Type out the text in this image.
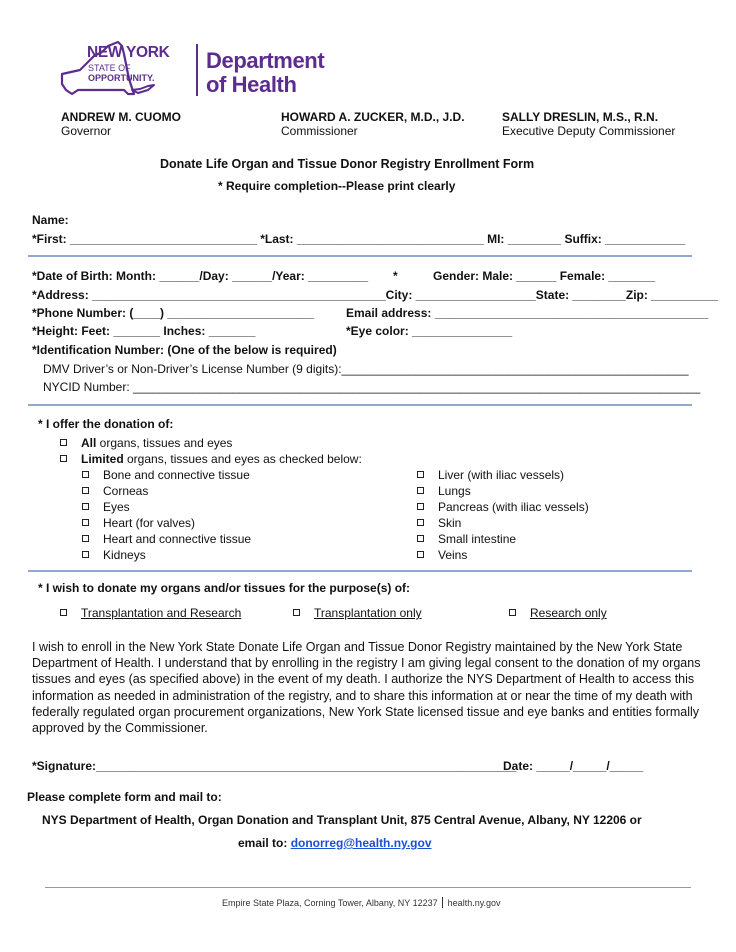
NEW YORK
STATE OF
OPPORTUNITY.
Department
of Health
ANDREW M. CUOMO
Governor
HOWARD A. ZUCKER, M.D., J.D.
Commissioner
SALLY DRESLIN, M.S., R.N.
Executive Deputy Commissioner
Donate Life Organ and Tissue Donor Registry Enrollment Form
* Require completion--Please print clearly
Name:
*First: ____________________________ *Last: ____________________________ MI: ________ Suffix: ____________
*Date of Birth: Month: ______/Day: ______/Year: _________ *	Gender: Male: ______ Female: _______
*Address: ____________________________________________City: __________________State: ________Zip: __________
*Phone Number: (____) ______________________	Email address: _________________________________________
*Height: Feet: _______ Inches: _______	*Eye color: _______________
*Identification Number: (One of the below is required)
DMV Driver’s or Non-Driver’s License Number (9 digits):____________________________________________________
NYCID Number: _____________________________________________________________________________________
* I offer the donation of:
All organs, tissues and eyes
Limited organs, tissues and eyes as checked below:
Bone and connective tissue
Corneas
Eyes
Heart (for valves)
Heart and connective tissue
Kidneys
Liver (with iliac vessels)
Lungs
Pancreas (with iliac vessels)
Skin
Small intestine
Veins
* I wish to donate my organs and/or tissues for the purpose(s) of:
Transplantation and Research	Transplantation only	Research only
I wish to enroll in the New York State Donate Life Organ and Tissue Donor Registry maintained by the New York State Department of Health. I understand that by enrolling in the registry I am giving legal consent to the donation of my organs tissues and eyes (as specified above) in the event of my death. I authorize the NYS Department of Health to access this information as needed in administration of the registry, and to share this information at or near the time of my death with federally regulated organ procurement organizations, New York State licensed tissue and eye banks and entities formally approved by the Commissioner.
*Signature:_______________________________________________________________
Date: _____/_____/_____
Please complete form and mail to:
NYS Department of Health, Organ Donation and Transplant Unit, 875 Central Avenue, Albany, NY 12206 or
email to: donorreg@health.ny.gov
Empire State Plaza, Corning Tower, Albany, NY 12237 health.ny.gov
